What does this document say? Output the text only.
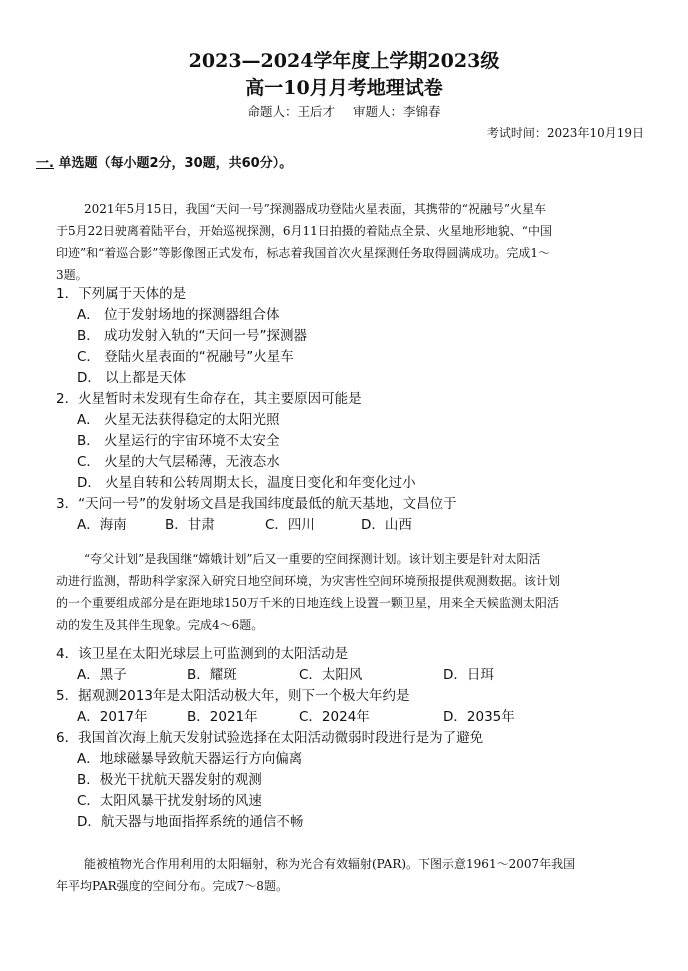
2023—2024学年度上学期2023级
高一10月月考地理试卷
命题人：王后才 审题人：李锦春
考试时间：2023年10月19日
一. 单选题（每小题2分，30题，共60分）。
2021年5月15日，我国“天问一号”探测器成功登陆火星表面，其携带的“祝融号”火星车
于5月22日驶离着陆平台，开始巡视探测，6月11日拍摄的着陆点全景、火星地形地貌、“中国
印迹”和“着巡合影”等影像图正式发布，标志着我国首次火星探测任务取得圆满成功。完成1～
3题。
1．下列属于天体的是
A． 位于发射场地的探测器组合体
B． 成功发射入轨的“天问一号”探测器
C． 登陆火星表面的“祝融号”火星车
D． 以上都是天体
2．火星暂时未发现有生命存在，其主要原因可能是
A． 火星无法获得稳定的太阳光照
B． 火星运行的宇宙环境不太安全
C． 火星的大气层稀薄，无液态水
D． 火星自转和公转周期太长，温度日变化和年变化过小
3．“天问一号”的发射场文昌是我国纬度最低的航天基地，文昌位于
A．海南	B．甘肃	C．四川	D．山西
“夸父计划”是我国继“嫦娥计划”后又一重要的空间探测计划。该计划主要是针对太阳活
动进行监测，帮助科学家深入研究日地空间环境，为灾害性空间环境预报提供观测数据。该计划
的一个重要组成部分是在距地球150万千米的日地连线上设置一颗卫星，用来全天候监测太阳活
动的发生及其伴生现象。完成4～6题。
4．该卫星在太阳光球层上可监测到的太阳活动是
A．黑子	B．耀斑	C．太阳风	D．日珥
5．据观测2013年是太阳活动极大年，则下一个极大年约是
A．2017年	B．2021年	C．2024年	D．2035年
6．我国首次海上航天发射试验选择在太阳活动微弱时段进行是为了避免
A．地球磁暴导致航天器运行方向偏离
B．极光干扰航天器发射的观测
C．太阳风暴干扰发射场的风速
D．航天器与地面指挥系统的通信不畅
能被植物光合作用利用的太阳辐射，称为光合有效辐射(PAR)。下图示意1961～2007年我国
年平均PAR强度的空间分布。完成7～8题。
